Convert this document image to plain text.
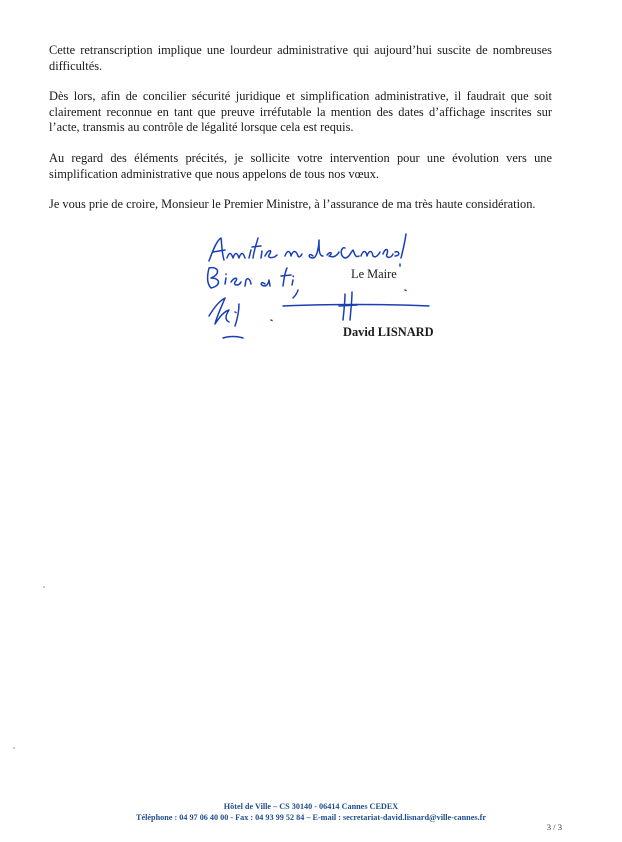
Cette retranscription implique une lourdeur administrative qui aujourd’hui suscite de nombreuses difficultés.

Dès lors, afin de concilier sécurité juridique et simplification administrative, il faudrait que soit clairement reconnue en tant que preuve irréfutable la mention des dates d’affichage inscrites sur l’acte, transmis au contrôle de légalité lorsque cela est requis.

Au regard des éléments précités, je sollicite votre intervention pour une évolution vers une simplification administrative que nous appelons de tous nos vœux.

Je vous prie de croire, Monsieur le Premier Ministre, à l’assurance de ma très haute considération.

Le Maire

David LISNARD

Hôtel de Ville – CS 30140 - 06414 Cannes CEDEX

Téléphone : 04 97 06 40 00 - Fax : 04 93 99 52 84 – E-mail : secretariat-david.lisnard@ville-cannes.fr

3 / 3
